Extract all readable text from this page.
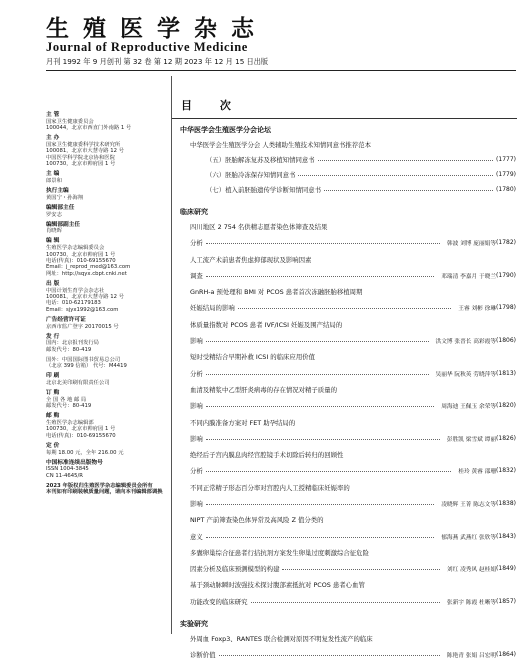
生 殖 医 学 杂 志
Journal of Reproductive Medicine
月刊 1992 年 9 月创刊 第 32 卷 第 12 期 2023 年 12 月 15 日出版
目 次
主 管
国家卫生健康委员会
100044，北京市西直门外南路 1 号
主 办
国家卫生健康委科学技术研究所
100081，北京市大慧寺路 12 号
中国医学科学院北京协和医院
100730，北京市帅府园 1 号
主 编
郎景和
执行主编
黄国宁・孙海翔
编辑部主任
罗安志
编辑部副主任
肖晓晖
编 辑
生殖医学杂志编辑委员会
100730，北京市帅府园 1 号
电话(传真)：010-69155670
Email：j_reprod_med@163.com
网址：http://sqyx.cbpt.cnki.net
出 版
中国计划生育学会杂志社
100081，北京市大慧寺路 12 号
电话：010-62179183
Email：sjyx1992@163.com
广告经营许可证
京西市监广登字 20170015 号
发 行
国内：北京报刊发行局
邮发代号：80-419
国外：中国国际图书贸易总公司
（北京 399 信箱） 代号：M4419
印 刷
北京北美印刷有限责任公司
订 购
全 国 各 地 邮 局
邮发代号：80-419
邮 购
生殖医学杂志编辑部
100730，北京市帅府园 1 号
电话(传真)：010-69155670
定 价
每期 18.00 元，全年 216.00 元
中国标准连续出版物号
ISSN 1004-3845
CN 11-4645/R
2023 年版权归生殖医学杂志编辑委员会所有
本刊如有印刷装帧质量问题，请向本刊编辑部调换
中华医学会生殖医学分会论坛
中华医学会生殖医学分会 人类辅助生殖技术知情同意书推荐范本
（五）胚胎解冻复苏及移植知情同意书	(1777)
（六）胚胎冷冻保存知情同意书	(1779)
（七）植入前胚胎遗传学诊断知情同意书	(1780)
临床研究
四川地区 2 754 名供精志愿者染色体筛查及结果
分析	韩波 刘博 庞丽娟等 (1782)
人工流产术前患者焦虑抑郁现状及影响因素
调查	邓瑞清 李嘉月 于晓兰 (1790)
GnRH-a 预处理和 BMI 对 PCOS 患者首次冻融胚胎移植周期
妊娠结局的影响	王睿 刘彬 徐琳 (1798)
体质量指数对 PCOS 患者 IVF/ICSI 妊娠及围产结局的
影响	洪文博 张晋长 高彩霞等 (1806)
短时受精结合早期补救 ICSI 的临床应用价值
分析	吴丽华 阮秋英 劳晓萍等 (1813)
血清及精浆中乙型肝炎病毒的存在情况对精子质量的
影响	周海迪 王佩玉 余荣等 (1820)
不同内膜准备方案对 FET 助孕结局的
影响	彭胜凯 梁雪斌 谭丽 (1826)
绝经后子宫内膜息肉经宫腔镜手术切除后转归的回顾性
分析	桂玲 黄睿 邵珊 (1832)
不同正常精子形态百分率对宫腔内人工授精临床妊娠率的
影响	凌晓辉 王菁 陈志文等 (1838)
NIPT 产前筛查染色体异常及高风险 Z 值分类的
意义	郁海燕 武燕红 张欣等 (1843)
多囊卵巢综合征患者行拮抗剂方案发生卵巢过度刺激综合征危险
因素分析及临床预测模型的构建	刘红 凌秀风 赵桂娟 (1849)
基于颈动脉瞬时波强技术探讨腹部素抵抗对 PCOS 患者心血管
功能改变的临床研究	张新宇 陈霞 杜晰等 (1857)
实验研究
外周血 Foxp3、RANTES 联合检测对原因不明复发性流产的临床
诊断价值	陈艳青 张娟 吕宏明 (1864)
